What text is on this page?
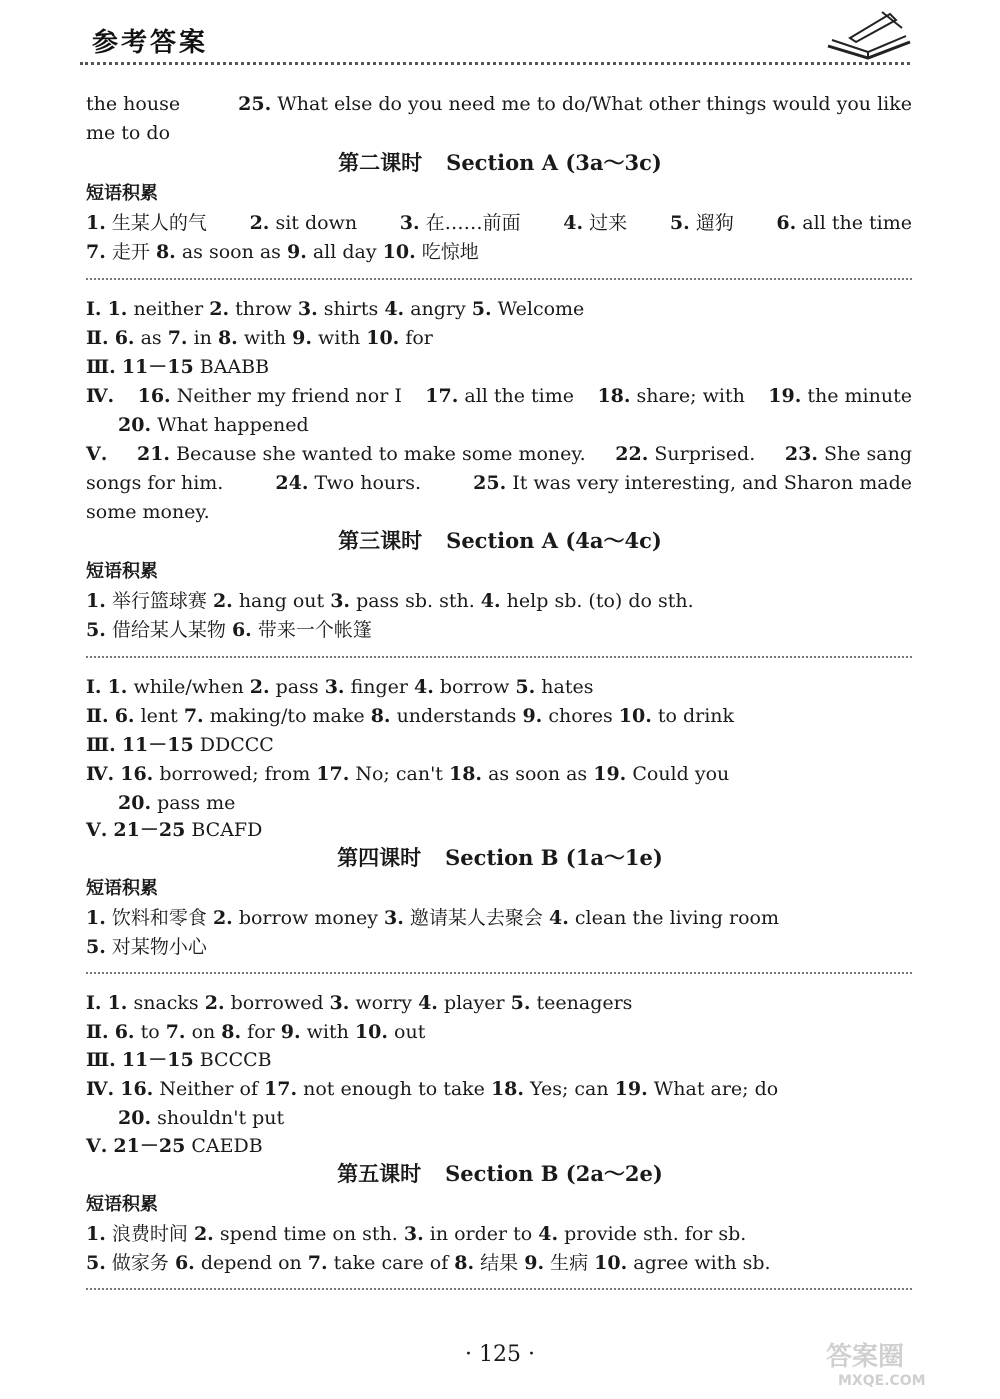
参考答案
the house	25. What else do you need me to do/What other things would you like
me to do
1. 生某人的气 2. sit down 3. 在……前面 4. 过来 5. 遛狗 6. all the time
7. 走开 8. as soon as 9. all day 10. 吃惊地
Ⅰ. 1. neither 2. throw 3. shirts 4. angry 5. Welcome
Ⅱ. 6. as 7. in 8. with 9. with 10. for
Ⅲ. 11－15 BAABB
Ⅳ. 16. Neither my friend nor I 17. all the time 18. share; with 19. the minute
20. What happened
Ⅴ. 21. Because she wanted to make some money. 22. Surprised. 23. She sang
songs for him.	24. Two hours.	25. It was very interesting, and Sharon made
some money.
1. 举行篮球赛 2. hang out 3. pass sb. sth. 4. help sb. (to) do sth.
5. 借给某人某物 6. 带来一个帐篷
Ⅰ. 1. while/when 2. pass 3. finger 4. borrow 5. hates
Ⅱ. 6. lent 7. making/to make 8. understands 9. chores 10. to drink
Ⅲ. 11－15 DDCCC
Ⅳ. 16. borrowed; from 17. No; can't 18. as soon as 19. Could you
20. pass me
Ⅴ. 21－25 BCAFD
1. 饮料和零食 2. borrow money 3. 邀请某人去聚会 4. clean the living room
5. 对某物小心
Ⅰ. 1. snacks 2. borrowed 3. worry 4. player 5. teenagers
Ⅱ. 6. to 7. on 8. for 9. with 10. out
Ⅲ. 11－15 BCCCB
Ⅳ. 16. Neither of 17. not enough to take 18. Yes; can 19. What are; do
20. shouldn't put
Ⅴ. 21－25 CAEDB
1. 浪费时间 2. spend time on sth. 3. in order to 4. provide sth. for sb.
5. 做家务 6. depend on 7. take care of 8. 结果 9. 生病 10. agree with sb.
第二课时 Section A (3a～3c)
第三课时 Section A (4a～4c)
第四课时 Section B (1a～1e)
第五课时 Section B (2a～2e)
短语积累
短语积累
短语积累
短语积累
· 125 ·	答案圈
MXQE.COM
